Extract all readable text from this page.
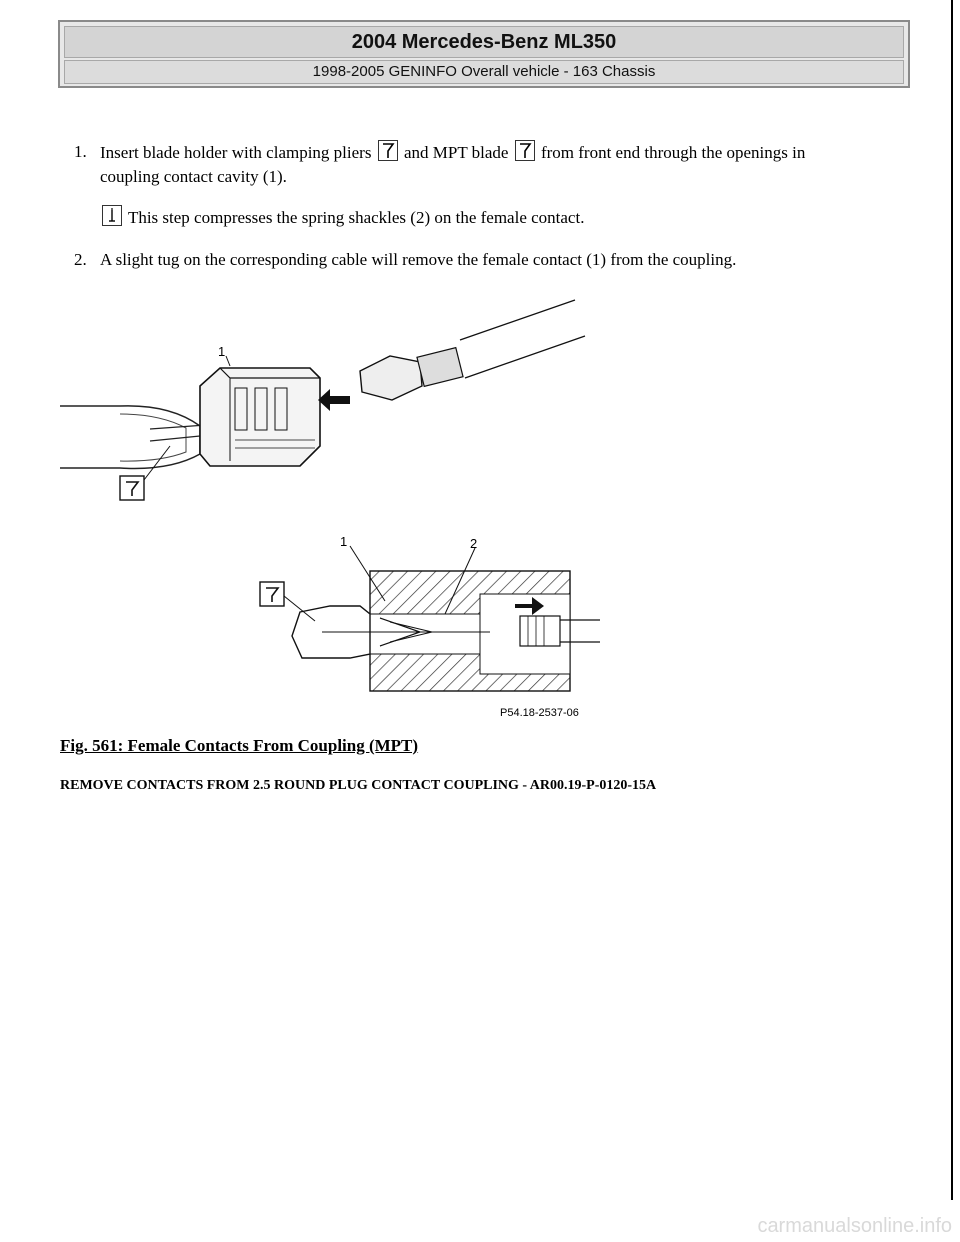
2004 Mercedes-Benz ML350
1998-2005 GENINFO Overall vehicle - 163 Chassis
1. Insert blade holder with clamping pliers and MPT blade from front end through the openings in
coupling contact cavity (1).
This step compresses the spring shackles (2) on the female contact.
2. A slight tug on the corresponding cable will remove the female contact (1) from the coupling.
1
1	2
P54.18-2537-06
Fig. 561: Female Contacts From Coupling (MPT)
REMOVE CONTACTS FROM 2.5 ROUND PLUG CONTACT COUPLING - AR00.19-P-0120-15A
carmanualsonline.info
